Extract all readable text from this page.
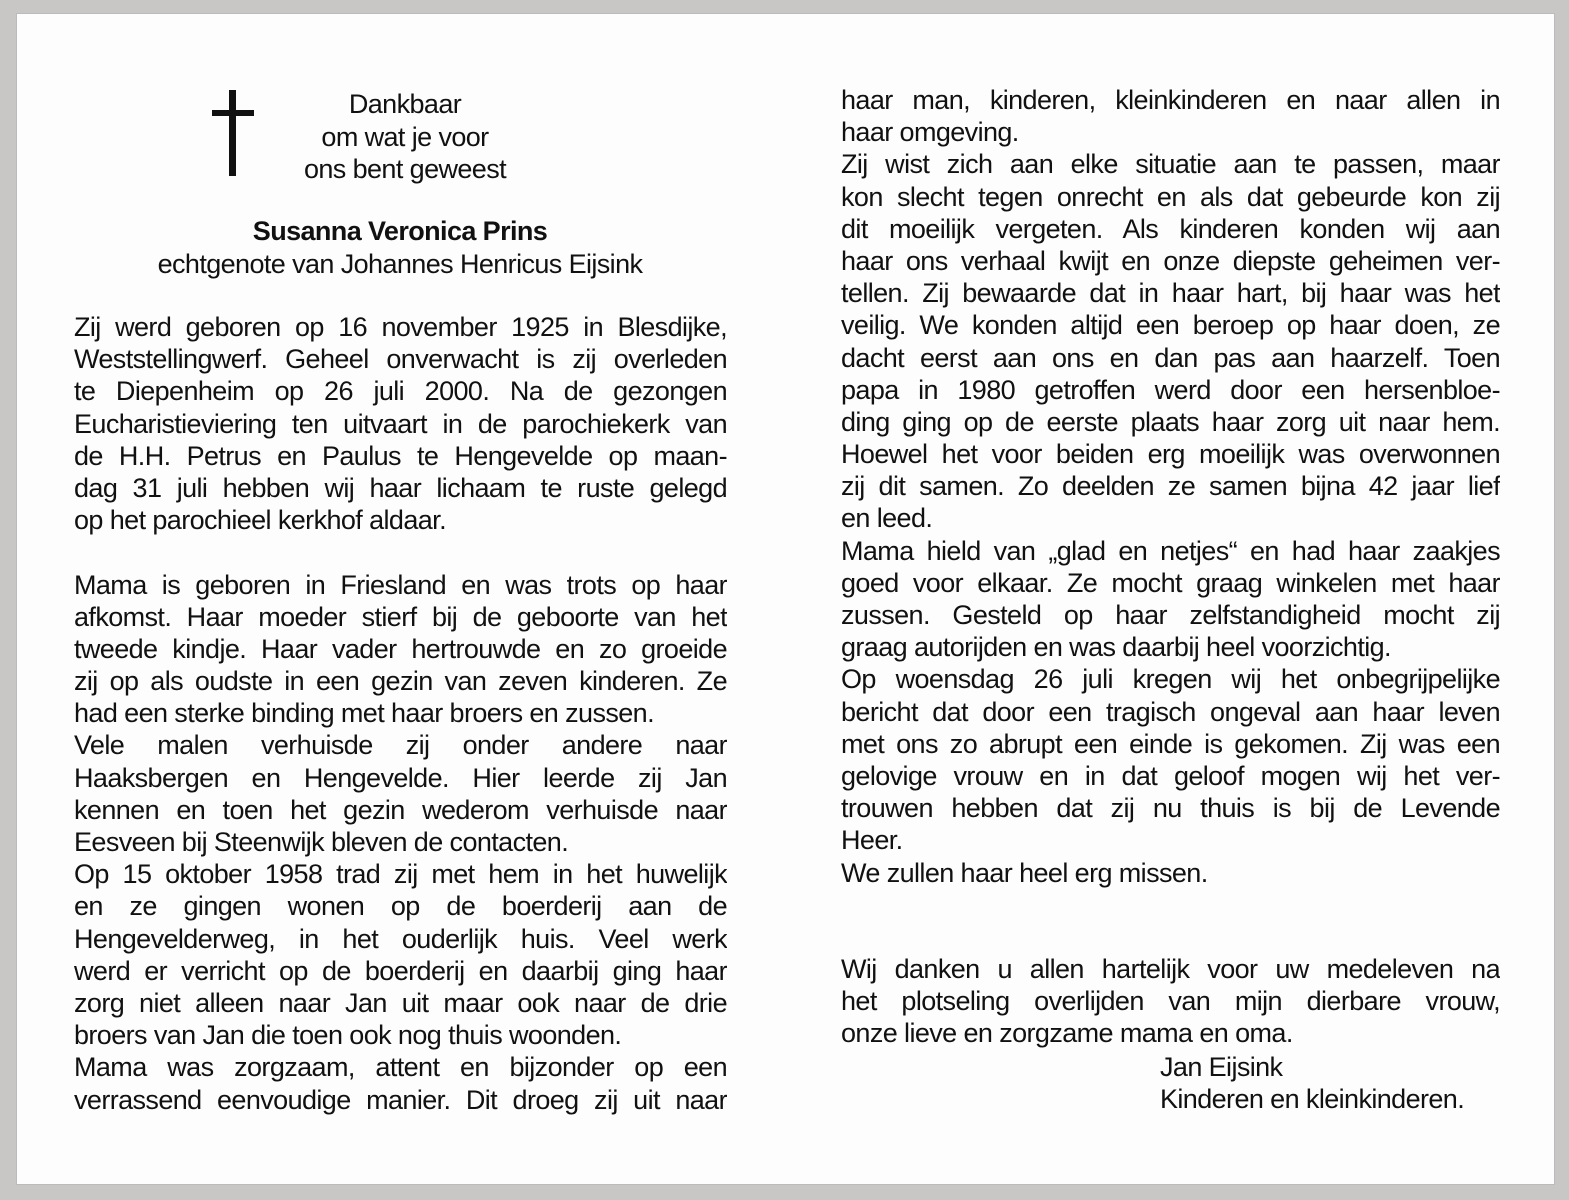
Dankbaar
om wat je voor
ons bent geweest
Susanna Veronica Prins
echtgenote van Johannes Henricus Eijsink
Zij werd geboren op 16 november 1925 in Blesdijke,
Weststellingwerf. Geheel onverwacht is zij overleden
te Diepenheim op 26 juli 2000. Na de gezongen
Eucharistieviering ten uitvaart in de parochiekerk van
de H.H. Petrus en Paulus te Hengevelde op maan-
dag 31 juli hebben wij haar lichaam te ruste gelegd
op het parochieel kerkhof aldaar.
Mama is geboren in Friesland en was trots op haar
afkomst. Haar moeder stierf bij de geboorte van het
tweede kindje. Haar vader hertrouwde en zo groeide
zij op als oudste in een gezin van zeven kinderen. Ze
had een sterke binding met haar broers en zussen.
Vele malen verhuisde zij onder andere naar
Haaksbergen en Hengevelde. Hier leerde zij Jan
kennen en toen het gezin wederom verhuisde naar
Eesveen bij Steenwijk bleven de contacten.
Op 15 oktober 1958 trad zij met hem in het huwelijk
en ze gingen wonen op de boerderij aan de
Hengevelderweg, in het ouderlijk huis. Veel werk
werd er verricht op de boerderij en daarbij ging haar
zorg niet alleen naar Jan uit maar ook naar de drie
broers van Jan die toen ook nog thuis woonden.
Mama was zorgzaam, attent en bijzonder op een
verrassend eenvoudige manier. Dit droeg zij uit naar
haar man, kinderen, kleinkinderen en naar allen in
haar omgeving.
Zij wist zich aan elke situatie aan te passen, maar
kon slecht tegen onrecht en als dat gebeurde kon zij
dit moeilijk vergeten. Als kinderen konden wij aan
haar ons verhaal kwijt en onze diepste geheimen ver-
tellen. Zij bewaarde dat in haar hart, bij haar was het
veilig. We konden altijd een beroep op haar doen, ze
dacht eerst aan ons en dan pas aan haarzelf. Toen
papa in 1980 getroffen werd door een hersenbloe-
ding ging op de eerste plaats haar zorg uit naar hem.
Hoewel het voor beiden erg moeilijk was overwonnen
zij dit samen. Zo deelden ze samen bijna 42 jaar lief
en leed.
Mama hield van „glad en netjes“ en had haar zaakjes
goed voor elkaar. Ze mocht graag winkelen met haar
zussen. Gesteld op haar zelfstandigheid mocht zij
graag autorijden en was daarbij heel voorzichtig.
Op woensdag 26 juli kregen wij het onbegrijpelijke
bericht dat door een tragisch ongeval aan haar leven
met ons zo abrupt een einde is gekomen. Zij was een
gelovige vrouw en in dat geloof mogen wij het ver-
trouwen hebben dat zij nu thuis is bij de Levende
Heer.
We zullen haar heel erg missen.
Wij danken u allen hartelijk voor uw medeleven na
het plotseling overlijden van mijn dierbare vrouw,
onze lieve en zorgzame mama en oma.
Jan Eijsink
Kinderen en kleinkinderen.
